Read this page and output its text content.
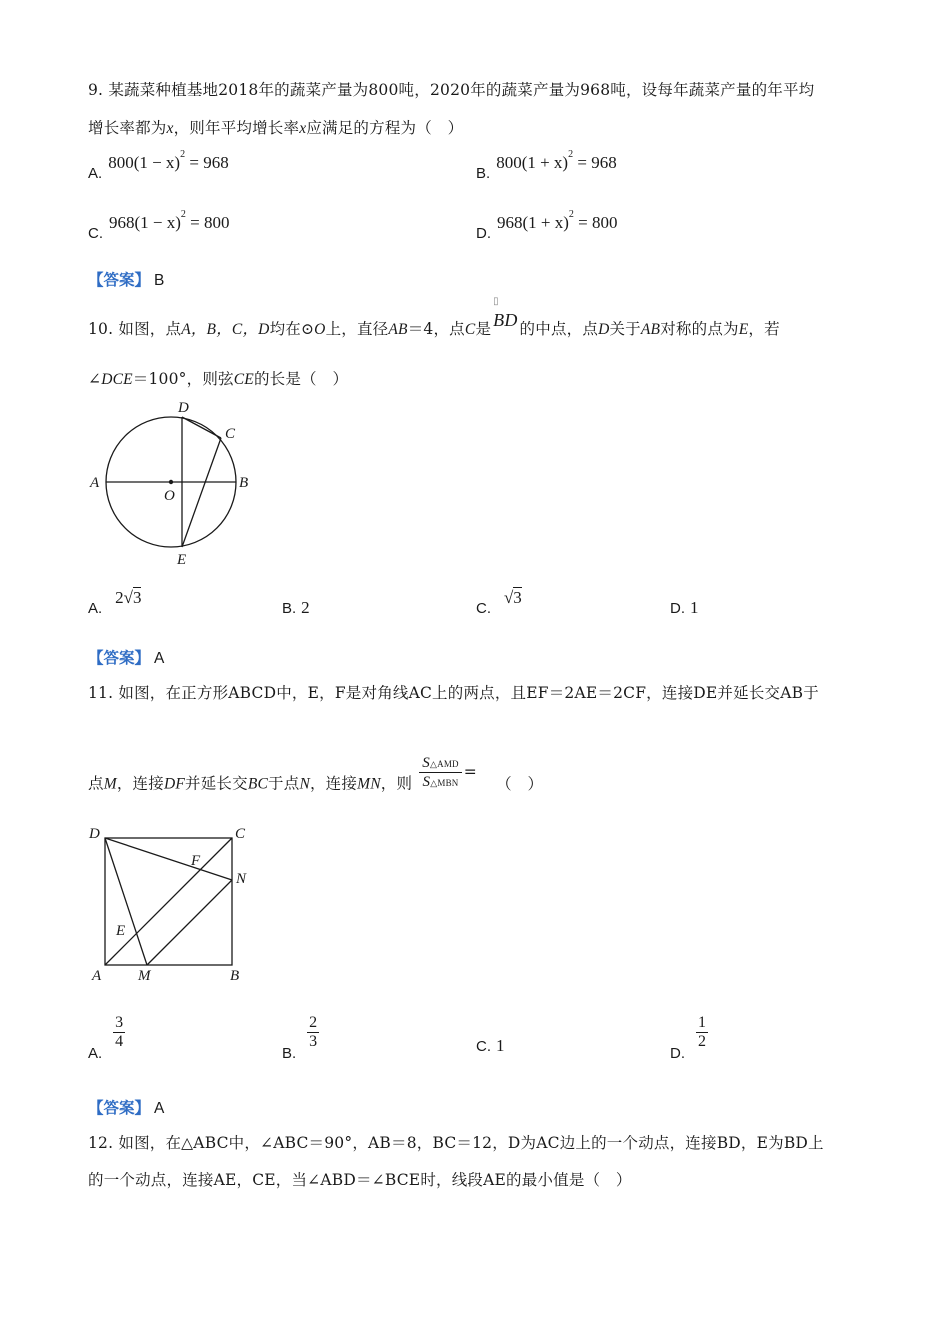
9. 某蔬菜种植基地2018年的蔬菜产量为800吨，2020年的蔬菜产量为968吨，设每年蔬菜产量的年平均
增长率都为x，则年平均增长率x应满足的方程为（　）
$A.800(1 - x)^2 = 968$
$B.800(1 + x)^2 = 968$
$C.968(1 - x)^2 = 800$
$D.968(1 + x)^2 = 800$
【答案】 B
10. 如图，点A，B，C，D均在⊙O上，直径AB＝4，点C是
▯
BD 的中点，点D关于AB对称的点为E，若
∠DCE＝100°，则弦CE的长是（　）
A	B
C
D
E
O
A. 2√3
B. 2	C. √3
D. 1
【答案】 A
11. 如图，在正方形ABCD中，E，F是对角线AC上的两点，且EF＝2AE＝2CF，连接DE并延长交AB于
点M，连接DF并延长交BC于点N，连接MN，则 $\frac{\text{S△AMD}}{\text{S△MBN}}$ = （　）
D	C
A	B
M
N
E
F
A.
$\frac{3}{4}$
B.
$\frac{2}{3}$	C. 1	D.
$\frac{1}{2}$
【答案】 A
12. 如图，在△ABC中，∠ABC＝90°，AB＝8，BC＝12，D为AC边上的一个动点，连接BD，E为BD上
的一个动点，连接AE，CE，当∠ABD＝∠BCE时，线段AE的最小值是（　）
